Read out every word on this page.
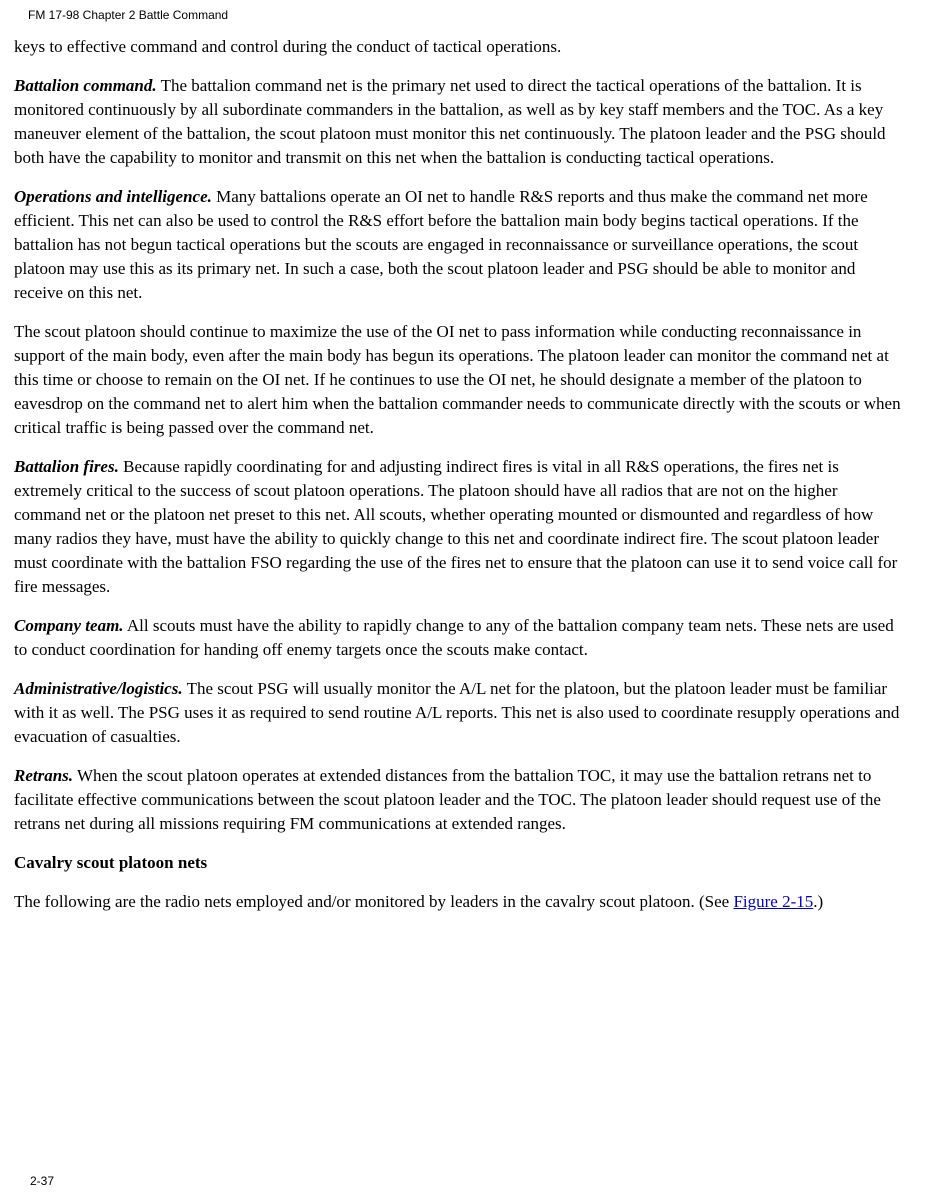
FM 17-98 Chapter 2 Battle Command

keys to effective command and control during the conduct of tactical operations.

Battalion command. The battalion command net is the primary net used to direct the tactical operations of the battalion. It is monitored continuously by all subordinate commanders in the battalion, as well as by key staff members and the TOC. As a key maneuver element of the battalion, the scout platoon must monitor this net continuously. The platoon leader and the PSG should both have the capability to monitor and transmit on this net when the battalion is conducting tactical operations.

Operations and intelligence. Many battalions operate an OI net to handle R&S reports and thus make the command net more efficient. This net can also be used to control the R&S effort before the battalion main body begins tactical operations. If the battalion has not begun tactical operations but the scouts are engaged in reconnaissance or surveillance operations, the scout platoon may use this as its primary net. In such a case, both the scout platoon leader and PSG should be able to monitor and receive on this net.

The scout platoon should continue to maximize the use of the OI net to pass information while conducting reconnaissance in support of the main body, even after the main body has begun its operations. The platoon leader can monitor the command net at this time or choose to remain on the OI net. If he continues to use the OI net, he should designate a member of the platoon to eavesdrop on the command net to alert him when the battalion commander needs to communicate directly with the scouts or when critical traffic is being passed over the command net.

Battalion fires. Because rapidly coordinating for and adjusting indirect fires is vital in all R&S operations, the fires net is extremely critical to the success of scout platoon operations. The platoon should have all radios that are not on the higher command net or the platoon net preset to this net. All scouts, whether operating mounted or dismounted and regardless of how many radios they have, must have the ability to quickly change to this net and coordinate indirect fire. The scout platoon leader must coordinate with the battalion FSO regarding the use of the fires net to ensure that the platoon can use it to send voice call for fire messages.

Company team. All scouts must have the ability to rapidly change to any of the battalion company team nets. These nets are used to conduct coordination for handing off enemy targets once the scouts make contact.

Administrative/logistics. The scout PSG will usually monitor the A/L net for the platoon, but the platoon leader must be familiar with it as well. The PSG uses it as required to send routine A/L reports. This net is also used to coordinate resupply operations and evacuation of casualties.

Retrans. When the scout platoon operates at extended distances from the battalion TOC, it may use the battalion retrans net to facilitate effective communications between the scout platoon leader and the TOC. The platoon leader should request use of the retrans net during all missions requiring FM communications at extended ranges.

Cavalry scout platoon nets

The following are the radio nets employed and/or monitored by leaders in the cavalry scout platoon. (See Figure 2-15.)

2-37
